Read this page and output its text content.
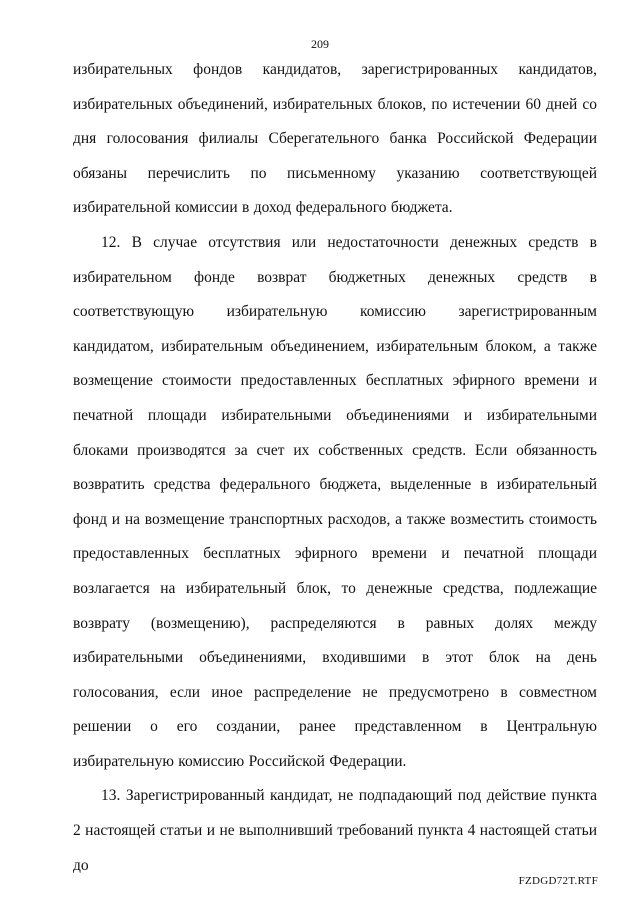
209

избирательных фондов кандидатов, зарегистрированных кандидатов, избирательных объединений, избирательных блоков, по истечении 60 дней со дня голосования филиалы Сберегательного банка Российской Федерации обязаны перечислить по письменному указанию соответствующей избирательной комиссии в доход федерального бюджета.

12. В случае отсутствия или недостаточности денежных средств в избирательном фонде возврат бюджетных денежных средств в соответствующую избирательную комиссию зарегистрированным кандидатом, избирательным объединением, избирательным блоком, а также возмещение стоимости предоставленных бесплатных эфирного времени и печатной площади избирательными объединениями и избирательными блоками производятся за счет их собственных средств. Если обязанность возвратить средства федерального бюджета, выделенные в избирательный фонд и на возмещение транспортных расходов, а также возместить стоимость предоставленных бесплатных эфирного времени и печатной площади возлагается на избирательный блок, то денежные средства, подлежащие возврату (возмещению), распределяются в равных долях между избирательными объединениями, входившими в этот блок на день голосования, если иное распределение не предусмотрено в совместном решении о его создании, ранее представленном в Центральную избирательную комиссию Российской Федерации.

13. Зарегистрированный кандидат, не подпадающий под действие пункта 2 настоящей статьи и не выполнивший требований пункта 4 настоящей статьи до

FZDGD72T.RTF
